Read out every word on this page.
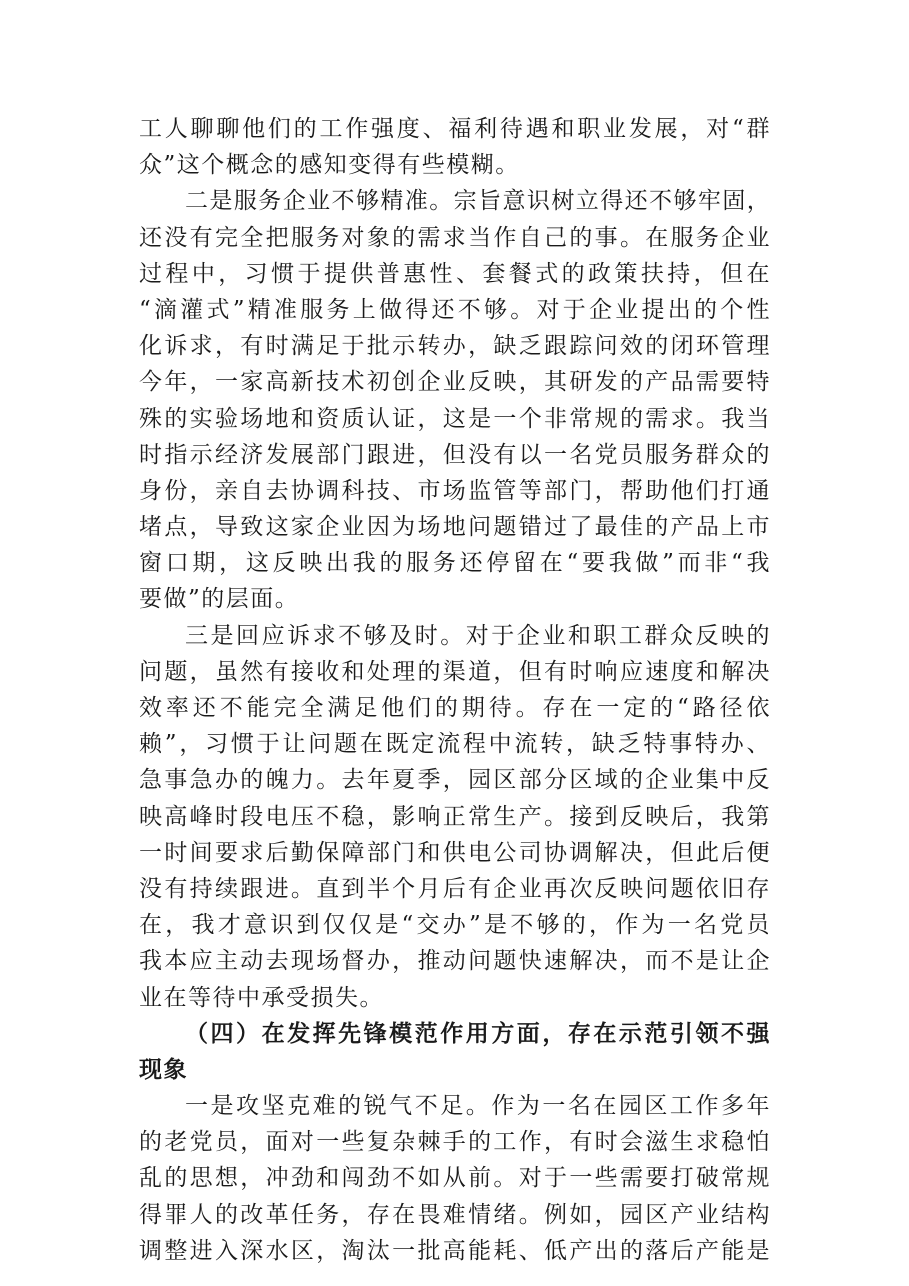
工人聊聊他们的工作强度、福利待遇和职业发展，对“群
众”这个概念的感知变得有些模糊。
二是服务企业不够精准。宗旨意识树立得还不够牢固，
还没有完全把服务对象的需求当作自己的事。在服务企业
过程中，习惯于提供普惠性、套餐式的政策扶持，但在
“滴灌式”精准服务上做得还不够。对于企业提出的个性
化诉求，有时满足于批示转办，缺乏跟踪问效的闭环管理
今年，一家高新技术初创企业反映，其研发的产品需要特
殊的实验场地和资质认证，这是一个非常规的需求。我当
时指示经济发展部门跟进，但没有以一名党员服务群众的
身份，亲自去协调科技、市场监管等部门，帮助他们打通
堵点，导致这家企业因为场地问题错过了最佳的产品上市
窗口期，这反映出我的服务还停留在“要我做”而非“我
要做”的层面。
三是回应诉求不够及时。对于企业和职工群众反映的
问题，虽然有接收和处理的渠道，但有时响应速度和解决
效率还不能完全满足他们的期待。存在一定的“路径依
赖”，习惯于让问题在既定流程中流转，缺乏特事特办、
急事急办的魄力。去年夏季，园区部分区域的企业集中反
映高峰时段电压不稳，影响正常生产。接到反映后，我第
一时间要求后勤保障部门和供电公司协调解决，但此后便
没有持续跟进。直到半个月后有企业再次反映问题依旧存
在，我才意识到仅仅是“交办”是不够的，作为一名党员
我本应主动去现场督办，推动问题快速解决，而不是让企
业在等待中承受损失。
（四）在发挥先锋模范作用方面，存在示范引领不强
现象
一是攻坚克难的锐气不足。作为一名在园区工作多年
的老党员，面对一些复杂棘手的工作，有时会滋生求稳怕
乱的思想，冲劲和闯劲不如从前。对于一些需要打破常规
得罪人的改革任务，存在畏难情绪。例如，园区产业结构
调整进入深水区，淘汰一批高能耗、低产出的落后产能是
